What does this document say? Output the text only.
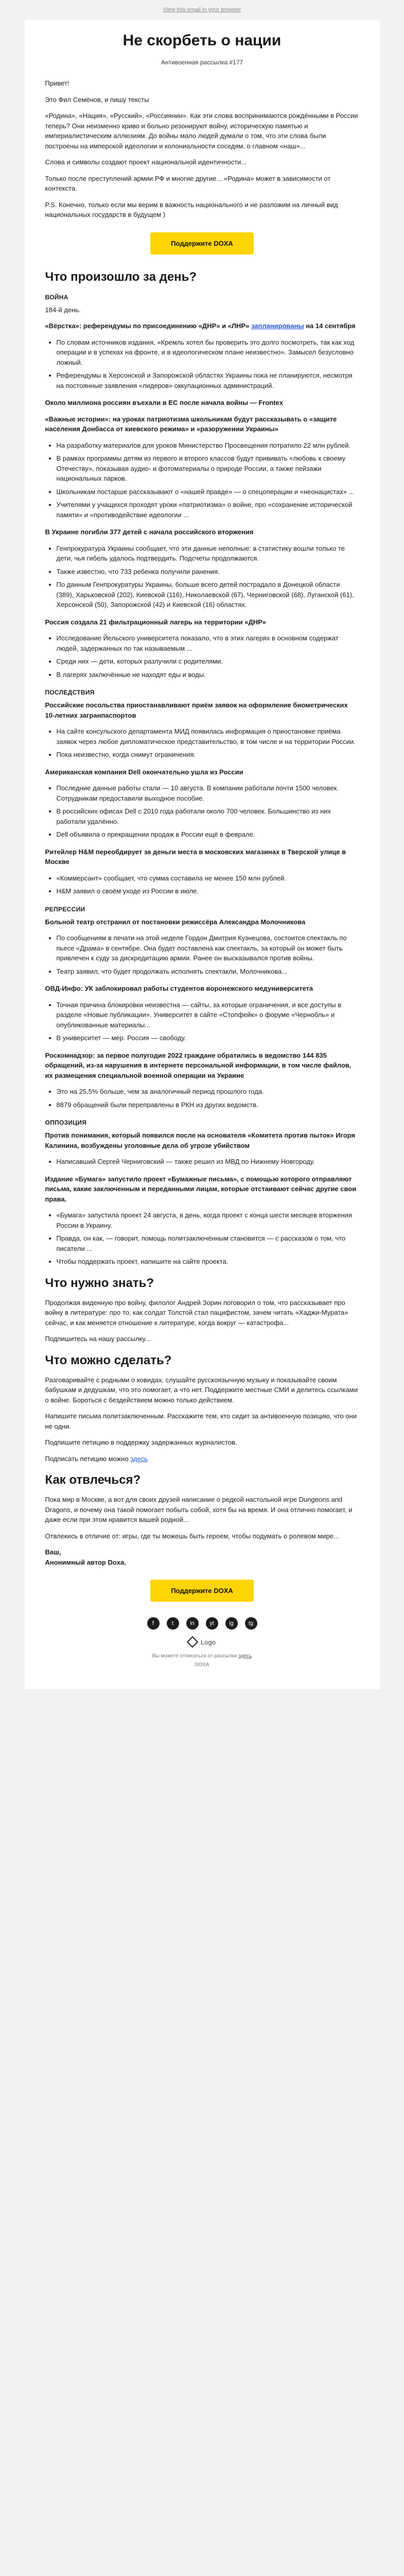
View this email in your browser
Не скорбеть о нации
Антивоенная рассылка #177

Привет!

Это Фил Семёнов, и пишу тексты

«Родина», «Нация», «Русский», «Россиянин». Как эти слова воспринимаются рождёнными в России теперь? Они неизменно криво и больно резонируют войну, историческую памятью и империалистическим аллюзиям. До войны мало людей думали о том, что эти слова были построены на имперской идеологии и колониальности соседям, о главном «наш»...

Слова и символы создают проект национальной идентичности...

Только после преступлений армии РФ и многие другие... «Родина» может в зависимости от контекста.

P.S. Конечно, только если мы верим в важность национального и не разложим на личный вид национальных государств в будущем )

Поддержите DOXA
Что произошло за день?
ВОЙНА

184-й день.

«Вёрстка»: референдумы по присоединению «ДНР» и «ЛНР» запланированы на 14 сентября

• По словам источников издания, «Кремль хотел бы проверить это долго посмотреть, так как ход операции и в успехах на фронте, и в идеологическом плане неизвестно». Замысел безусловно ложный.
• Референдумы в Херсонской и Запорожской областях Украины пока не планируются, несмотря на постоянные заявления «лидеров» оккупационных администраций.

Около миллиона россиян въехали в ЕС после начала войны — Frontex

«Важные истории»: на уроках патриотизма школьникам будут рассказывать о «защите населения Донбасса от киевского режима» и «разоружении Украины»

• На разработку материалов для уроков Министерство Просвещения потратило 22 млн рублей.
• В рамках программы детям из первого и второго классов будут прививать «любовь к своему Отечеству», показывая аудио- и фотоматериалы о природе России, а также пейзажи национальных парков.
• Школьникам постарше рассказывают о «нашей правде» — о спецоперации и «неонацистах» ...
• Учителями у учащихся проходят уроки «патриотизма» о войне, про «сохранение исторической памяти» и «противодействие идеологии ...

В Украине погибли 377 детей с начала российского вторжения

• Генпрокуратура Украины сообщает, что эти данные неполные: в статистику вошли только те дети, чья гибель удалось подтвердить. Подсчеты продолжаются.
• Также известно, что 733 ребенка получили ранения.
• По данным Генпрокуратуры Украины, больше всего детей пострадало в Донецкой области (389), Харьковской (202), Киевской (116), Николаевской (67), Черниговской (68), Луганской (61), Херсонской (50), Запорожской (42) и Киевской (16) областях.

Россия создала 21 фильтрационный лагерь на территории «ДНР»

• Исследование Йельского университета показало, что в этих лагерях в основном содержат людей, задержанных по так называемым ...
• Среди них — дети, которых разлучили с родителями.
• В лагерях заключённые не находят еды и воды.
ПОСЛЕДСТВИЯ

Российские посольства приостанавливают приём заявок на оформление биометрических 10-летних загранпаспортов

• На сайте консульского департамента МИД появилась информация о приостановке приёма заявок через любое дипломатическое представительство, в том числе и на территории России.
• Пока неизвестно, когда снимут ограничения.

Американская компания Dell окончательно ушла из России

• Последние данные работы стали — 10 августа. В компании работали почти 1500 человек. Сотрудникам предоставили выходное пособие.
• В российских офисах Dell с 2010 года работали около 700 человек. Большинство из них работали удалённо.
• Dell объявила о прекращении продаж в России ещё в феврале.

Ритейлер H&M переобдирует за деньги места в московских магазинах в Тверской улице в Москве

• «Коммерсант» сообщает, что сумма составила не менее 150 млн рублей.
• H&M заявил о своём уходе из России в июле.
РЕПРЕССИИ

Больной театр отстранил от постановки режиссёра Александра Молочникова

• По сообщениям в печати на этой неделе Гордон Дмитрия Кузнецова, состоится спектакль по пьесе «Драма» в сентябре. Она будет поставлена как спектакль, за который он может быть привлечен к суду за дискредитацию армии. Ранее он высказывался против войны.
• Театр заявил, что будет продолжать исполнять спектакли, Молочникова...

ОВД-Инфо: УК заблокировал работы студентов воронежского медуниверситета

• Точная причина блокировки неизвестна — сайты, за которые ограничения, и все доступы в разделе «Новые публикации». Университет в сайте «Стопфейк» о форуме «Чернобль» и опубликованные материалы...
• В университет — мер. Россия — свободу.

Роскомнадзор: за первое полугодие 2022 граждане обратились в ведомство 144 835 обращений, из-за нарушения в интернете персональной информации, в том числе файлов, их размещения специальной военной операции на Украине

• Это на 25,5% больше, чем за аналогичный период прошлого года.
• 8879 обращений были переправлены в РКН из других ведомств.
ОППОЗИЦИЯ

Против понимания, который появился после на основателя «Комитета против пыток» Игоря Калинина, возбуждены уголовные дела об угрозе убийством

• Написавший Сергей Черниговский — также решил из МВД по Нижнему Новгороду.

Издание «Бумага» запустило проект «Бумажные письма», с помощью которого отправляют письма, какие заключенным и переданными лицам, которые отстаивают сейчас другие свои права.

• «Бумага» запустила проект 24 августа, в день, когда проект с конца шести месяцев вторжения России в Украину.
• Правда, он как, — говорит, помощь политзаключённым становится — с рассказом о том, что писатели ...
• Чтобы поддержать проект, напишите на сайте проекта.
Что нужно знать?

Продолжая виденную про войну, филолог Андрей Зорин поговорил о том, что рассказывает про войну в литературе: про то, как солдат Толстой стал пацифистом, зачем читать «Хаджи-Мурата» сейчас, и как меняется отношение к литературе, когда вокруг — катастрофа...

Подпишитесь на нашу рассылку...

Что можно сделать?

Разговаривайте с родными о ковидах, слушайте русскоязычную музыку и показывайте своим бабушкам и дедушкам, что это помогает, а что нет. Поддержите местные СМИ и делитесь ссылками о войне. Бороться с бездействием можно только действием.

Напишите письма политзаключенным. Расскажите тем, кто сидит за антивоенную позицию, что они не одни.

Подпишите петицию в поддержку задержанных журналистов.

Подписать петицию можно здесь

Как отвлечься?

Пока мир в Москве, а вот для своих друзей написание о редкой настольной игре Dungeons and Dragons, и почему она такой помогает побыть собой, хотя бы на время. И она отлично помогает, и даже если при этом нравится вашей родной...

Отвлекись в отличие от: игры, где ты можешь быть героем, чтобы подумать о ролевом мире...

Ваш,
Анонимный автор Doxa.

Поддержите DOXA
f	t	in	yt	ig	tg
Logo
Вы можете отписаться от рассылки здесь
DOXA
